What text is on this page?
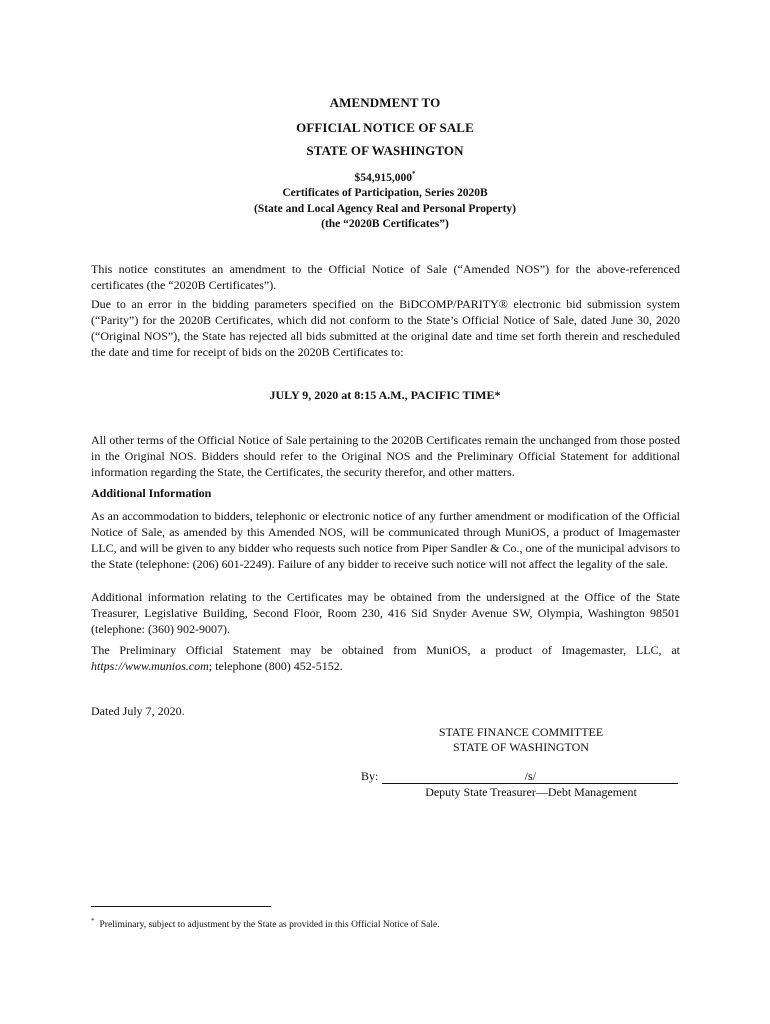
AMENDMENT TO
OFFICIAL NOTICE OF SALE
STATE OF WASHINGTON
$54,915,000*
Certificates of Participation, Series 2020B
(State and Local Agency Real and Personal Property)
(the “2020B Certificates”)
This notice constitutes an amendment to the Official Notice of Sale (“Amended NOS”) for the above-referenced certificates (the “2020B Certificates”).
Due to an error in the bidding parameters specified on the BiDCOMP/PARITY® electronic bid submission system (“Parity”) for the 2020B Certificates, which did not conform to the State’s Official Notice of Sale, dated June 30, 2020 (“Original NOS”), the State has rejected all bids submitted at the original date and time set forth therein and rescheduled the date and time for receipt of bids on the 2020B Certificates to:
JULY 9, 2020 at 8:15 A.M., PACIFIC TIME*
All other terms of the Official Notice of Sale pertaining to the 2020B Certificates remain the unchanged from those posted in the Original NOS. Bidders should refer to the Original NOS and the Preliminary Official Statement for additional information regarding the State, the Certificates, the security therefor, and other matters.
Additional Information
As an accommodation to bidders, telephonic or electronic notice of any further amendment or modification of the Official Notice of Sale, as amended by this Amended NOS, will be communicated through MuniOS, a product of Imagemaster LLC, and will be given to any bidder who requests such notice from Piper Sandler & Co., one of the municipal advisors to the State (telephone: (206) 601-2249). Failure of any bidder to receive such notice will not affect the legality of the sale.
Additional information relating to the Certificates may be obtained from the undersigned at the Office of the State Treasurer, Legislative Building, Second Floor, Room 230, 416 Sid Snyder Avenue SW, Olympia, Washington 98501 (telephone: (360) 902-9007).
The Preliminary Official Statement may be obtained from MuniOS, a product of Imagemaster, LLC, at https://www.munios.com; telephone (800) 452-5152.
Dated July 7, 2020.
STATE FINANCE COMMITTEE
STATE OF WASHINGTON
By:	/s/
Deputy State Treasurer—Debt Management
* Preliminary, subject to adjustment by the State as provided in this Official Notice of Sale.
